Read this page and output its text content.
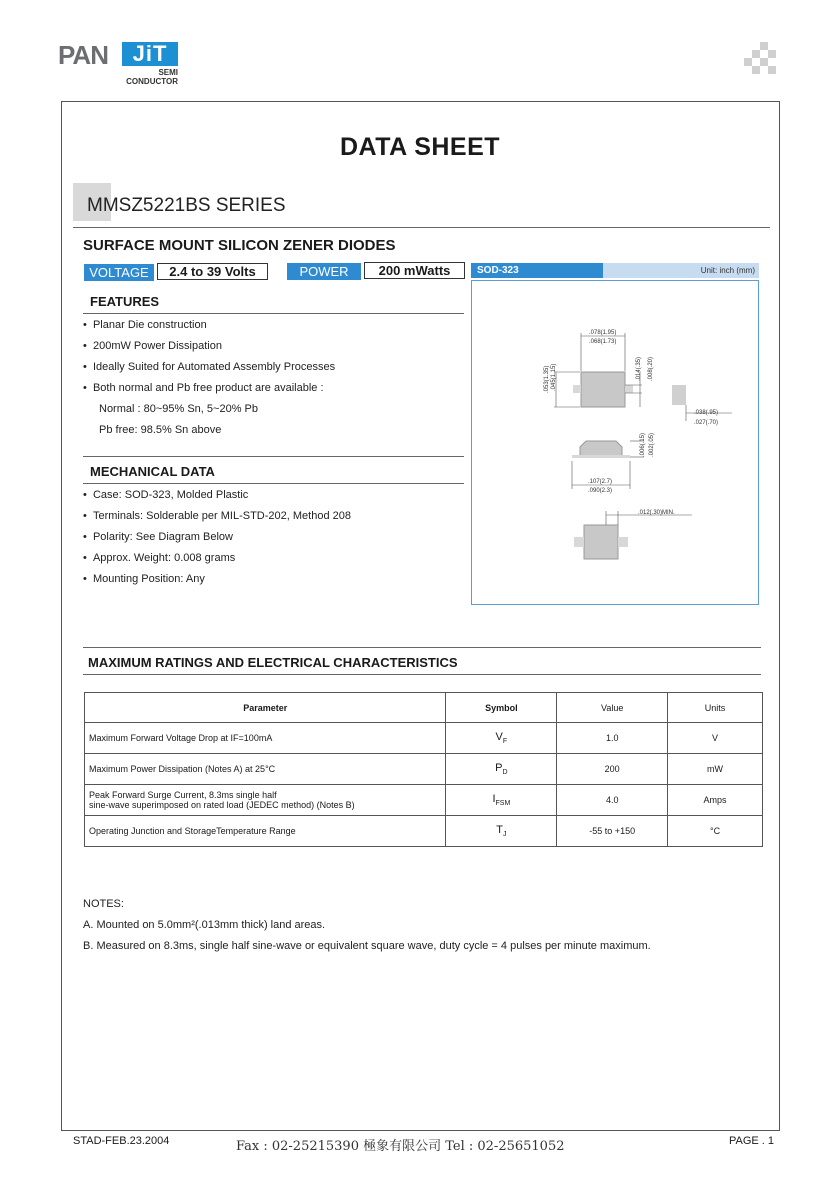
PAN	JiT
SEMI
CONDUCTOR
DATA SHEET
MMSZ5221BS SERIES
SURFACE MOUNT SILICON ZENER DIODES
VOLTAGE	2.4 to 39 Volts	POWER	200 mWatts
FEATURES
•  Planar Die construction
•  200mW Power Dissipation
•  Ideally Suited for Automated Assembly Processes
•  Both normal and Pb free product are available :
Normal : 80~95% Sn, 5~20% Pb
Pb free: 98.5% Sn above
MECHANICAL DATA
•  Case: SOD-323, Molded Plastic
•  Terminals: Solderable per MIL-STD-202, Method 208
•  Polarity: See Diagram Below
•  Approx. Weight: 0.008 grams
•  Mounting Position: Any
SOD-323	Unit: inch (mm)
.078(1.95)
.068(1.73)
.053(1.35) .045(1.15)	.014(.35) .008(.20)
.038(.95)
.027(.70)
.006(.15) .002(.05)
.107(2.7)
.090(2.3)
.012(.30)MIN.
MAXIMUM RATINGS AND ELECTRICAL CHARACTERISTICS
Parameter	Symbol	Value	Units
Maximum Forward Voltage Drop at IF=100mA	$V_F$	1.0	V
Maximum Power Dissipation (Notes A) at 25°C	$P_D$	200	mW

Peak Forward Surge Current, 8.3ms single half
sine-wave superimposed on rated load (JEDEC method) (Notes B)	$I_{FSM}$	4.0	Amps
Operating Junction and StorageTemperature Range	$T_J$	-55 to +150	°C
NOTES:
A. Mounted on 5.0mm²(.013mm thick) land areas.
B. Measured on 8.3ms, single half sine-wave or equivalent square wave, duty cycle = 4 pulses per minute maximum.
STAD-FEB.23.2004	Fax : 02-25215390 極象有限公司 Tel : 02-25651052	PAGE . 1
